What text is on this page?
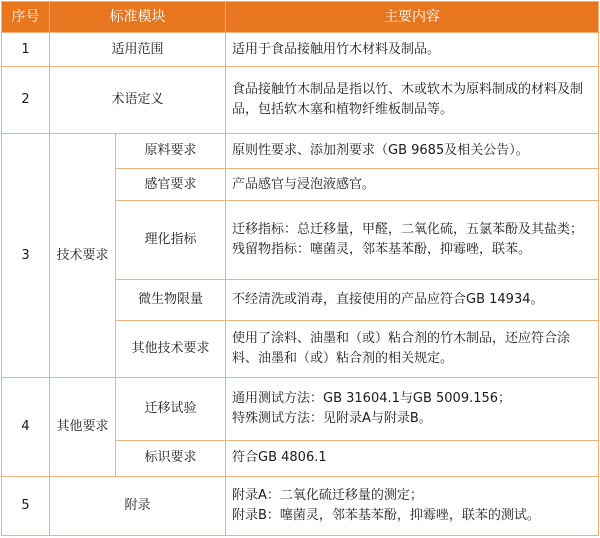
序号	标准模块		主要内容
1	适用范围		适用于食品接触用竹木材料及制品。
2	术语定义		食品接触竹木制品是指以竹、木或软木为原料制成的材料及制品，包括软木塞和植物纤维板制品等。
3	技术要求	原料要求	原则性要求、添加剂要求（GB 9685及相关公告）。

		感官要求	产品感官与浸泡液感官。

		理化指标	迁移指标：总迁移量，甲醛，二氧化硫，五氯苯酚及其盐类；
残留物指标：噻菌灵，邻苯基苯酚，抑霉唑，联苯。

		微生物限量	不经清洗或消毒，直接使用的产品应符合GB 14934。

		其他技术要求	使用了涂料、油墨和（或）粘合剂的竹木制品，还应符合涂料、油墨和（或）粘合剂的相关规定。

4	其他要求	迁移试验	通用测试方法：GB 31604.1与GB 5009.156；
特殊测试方法：见附录A与附录B。

		标识要求	符合GB 4806.1

5	附录		附录A：二氧化硫迁移量的测定；
附录B：噻菌灵，邻苯基苯酚，抑霉唑，联苯的测试。
